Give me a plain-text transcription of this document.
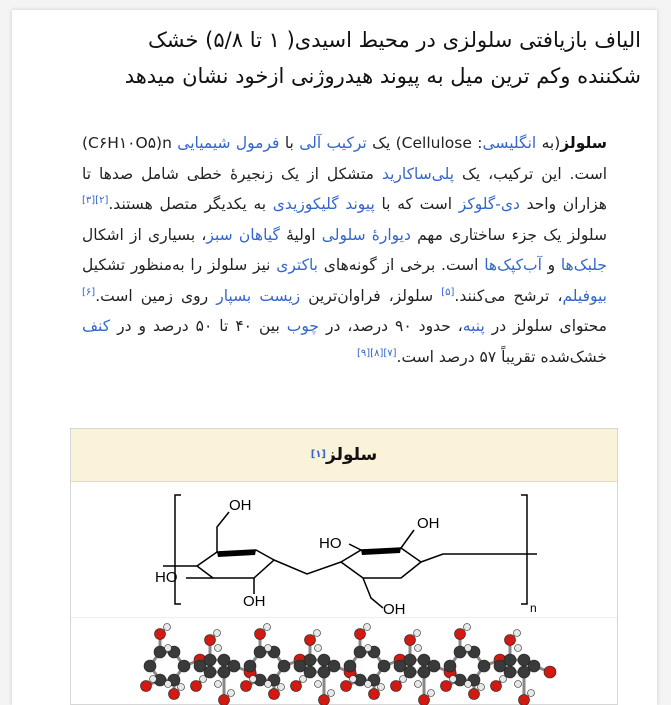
الیاف بازیافتی سلولزی در محیط اسیدی( ۱ تا ۵/۸) خشک
شکننده وکم ترین میل به پیوند هیدروژنی ازخود نشان میدهد
سلولز(به انگلیسی: Cellulose) یک ترکیب آلی با فرمول شیمیایی (C۶H۱۰O۵)n است. این ترکیب، یک پلی‌ساکارید متشکل از یک زنجیرهٔ خطی شامل صدها تا هزاران واحد دی-گلوکز است که با پیوند گلیکوزیدی به یکدیگر متصل هستند.[۲][۳] سلولز یک جزء ساختاری مهم دیوارهٔ سلولی اولیهٔ گیاهان سبز، بسیاری از اشکال جلبک‌ها و آب‌کپک‌ها است. برخی از گونه‌های باکتری نیز سلولز را به‌منظور تشکیل بیوفیلم، ترشح می‌کنند.[۵] سلولز، فراوان‌ترین زیست بسپار روی زمین است.[۶] محتوای سلولز در پنبه، حدود ۹۰ درصد، در چوب بین ۴۰ تا ۵۰ درصد و در کنف خشک‌شده تقریباً ۵۷ درصد است.[۷][۸][۹]
سلولز
[۱]
OH
OH
HO
HO
OH	OH	n
